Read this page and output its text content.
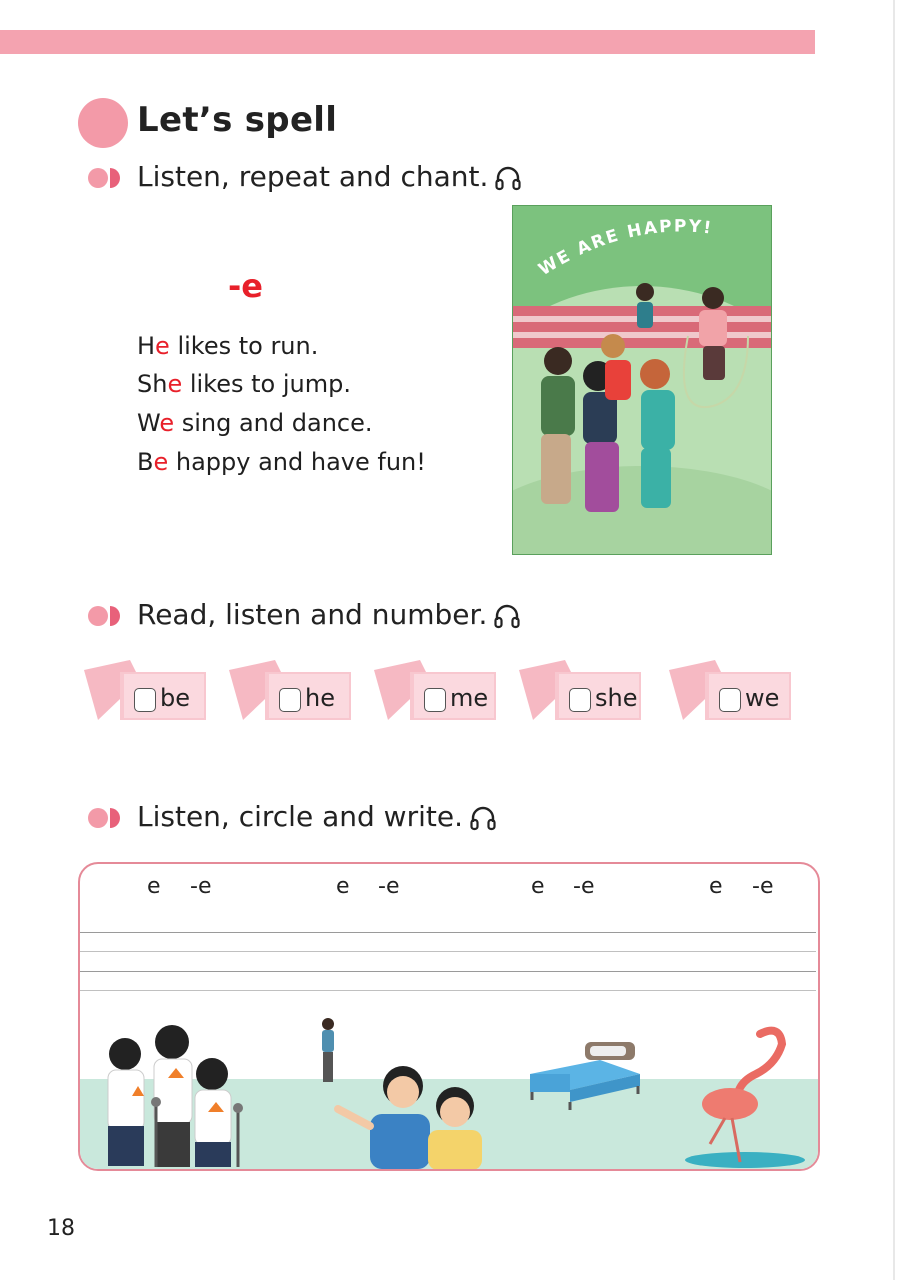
Let’s spell
Listen, repeat and chant.
-e
He likes to run.
She likes to jump.
We sing and dance.
Be happy and have fun!
WE ARE HAPPY!
Read, listen and number.
be	he	me	she	we
Listen, circle and write.
e -e	e -e	e -e	e -e
18
